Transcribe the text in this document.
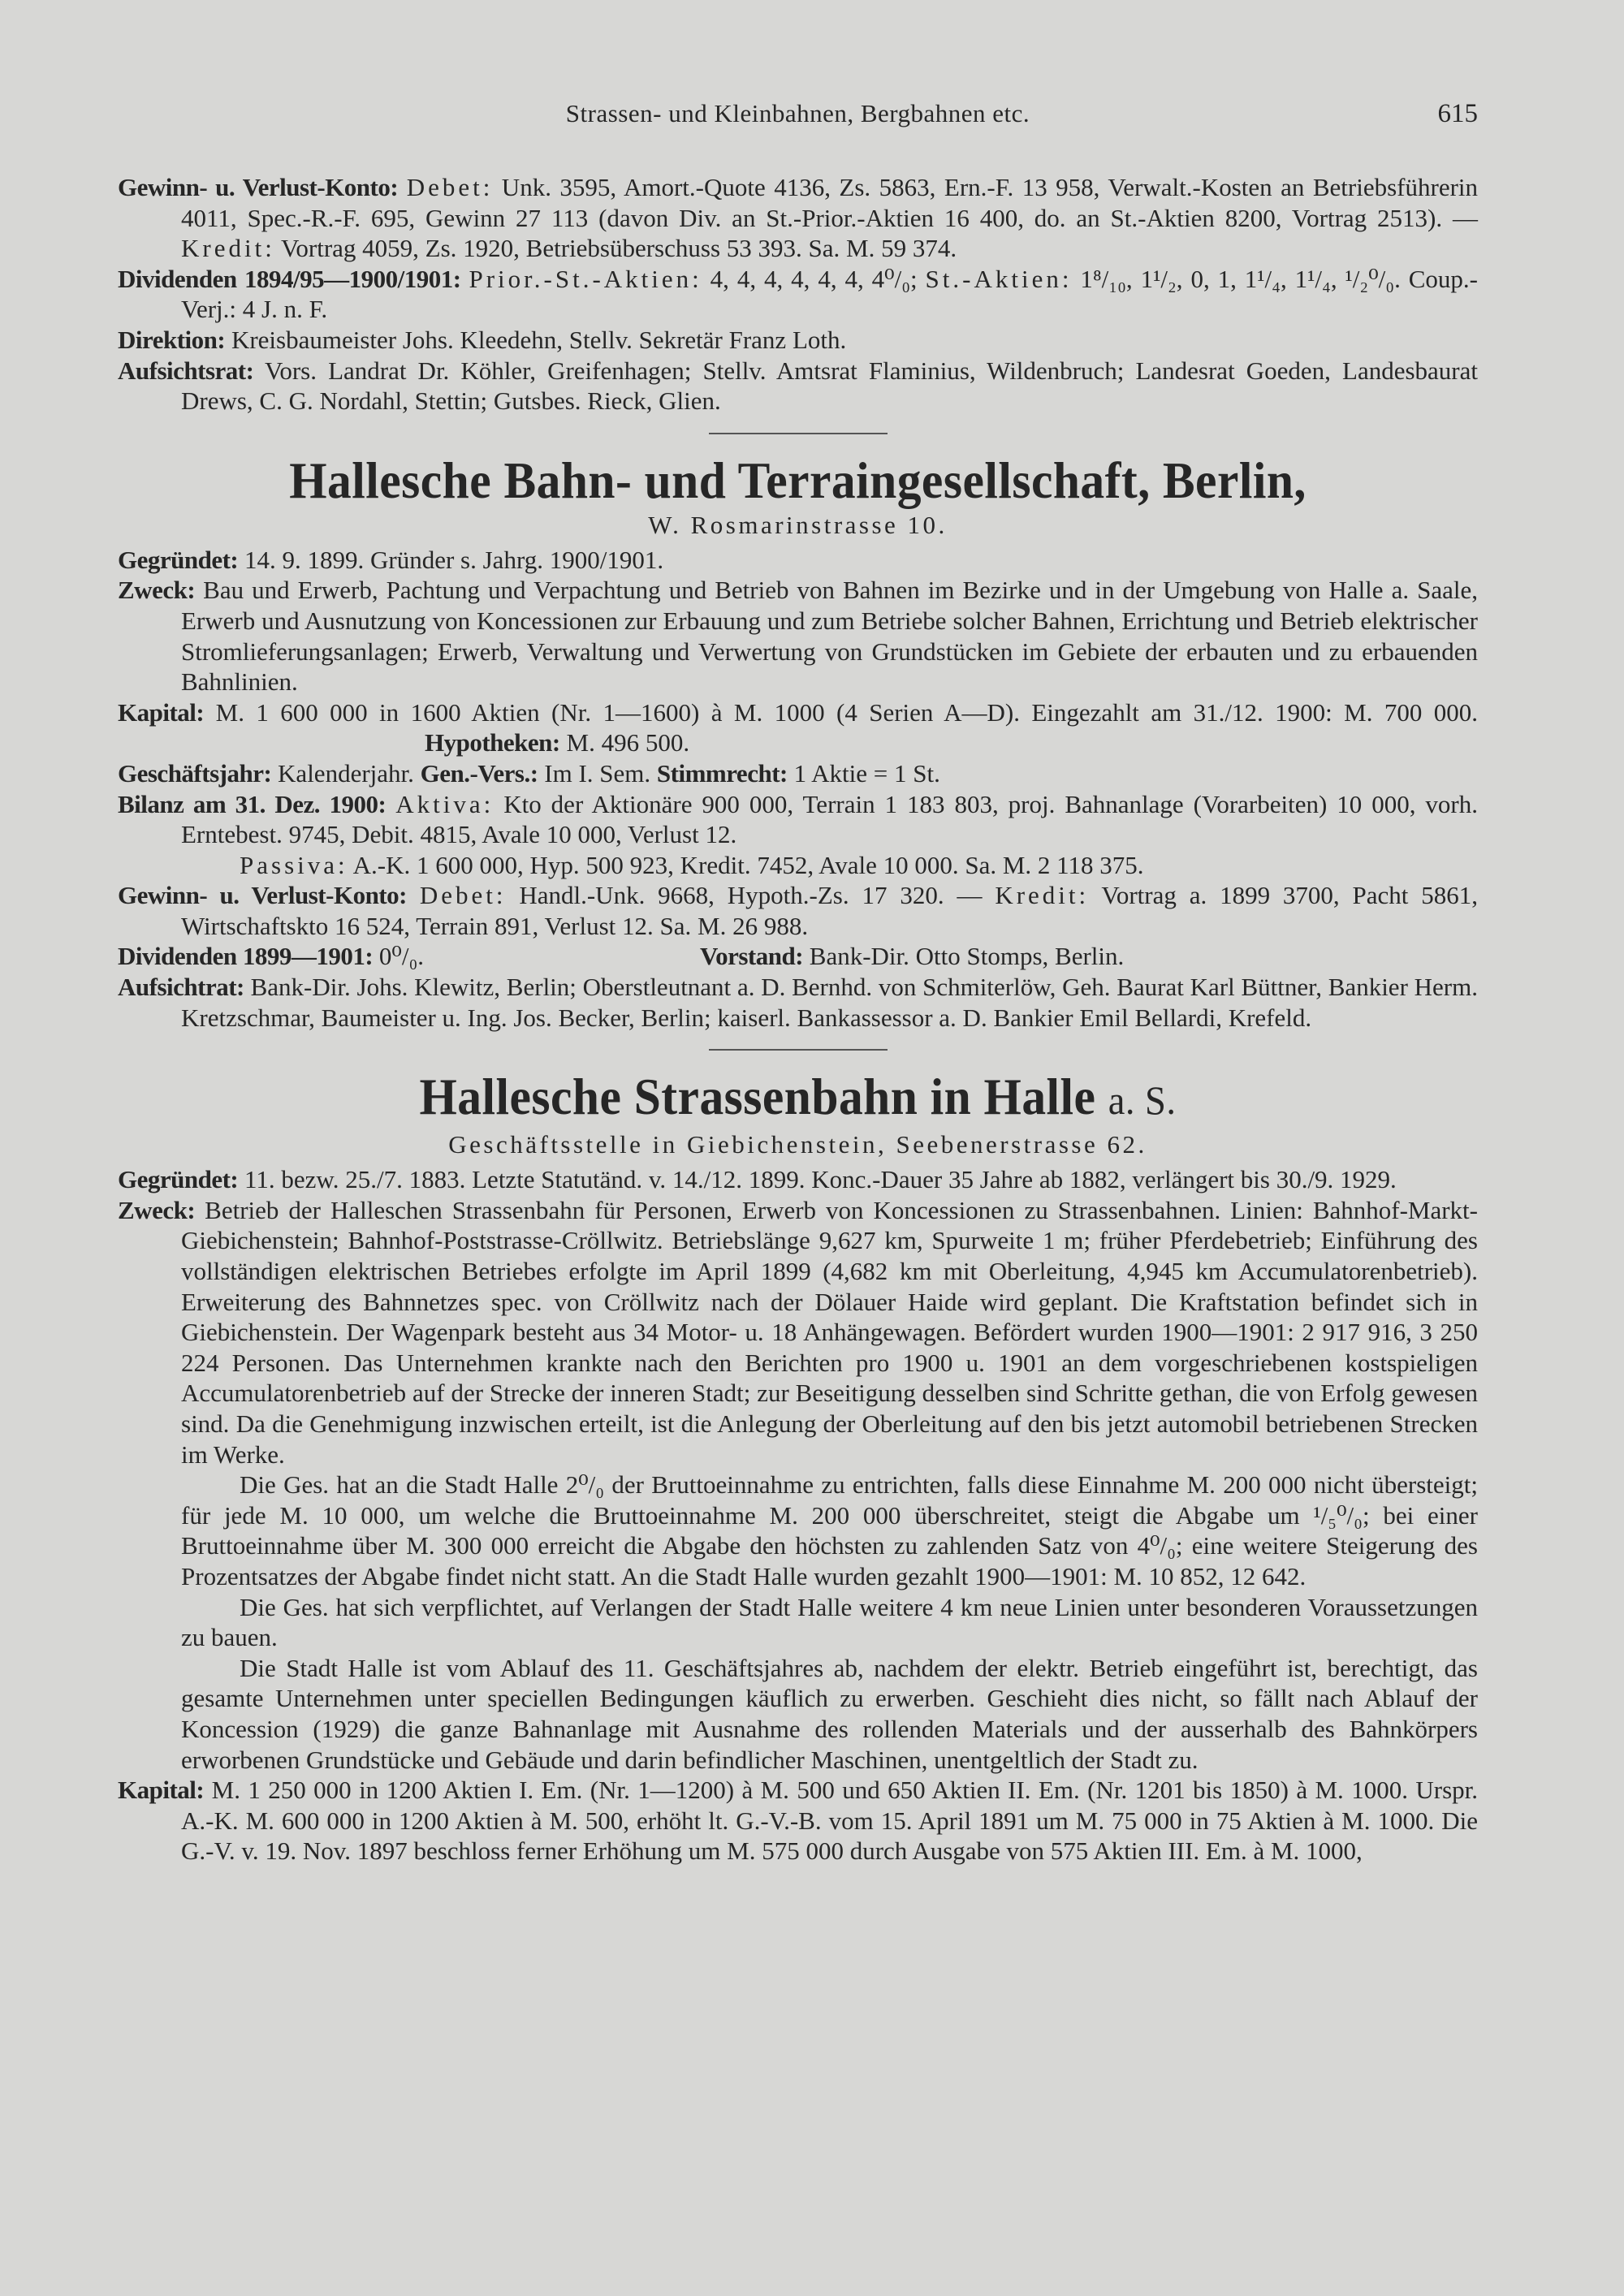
Strassen- und Kleinbahnen, Bergbahnen etc.	615

Gewinn- u. Verlust-Konto: Debet: Unk. 3595, Amort.-Quote 4136, Zs. 5863, Ern.-F. 13 958, Verwalt.-Kosten an Betriebsführerin 4011, Spec.-R.-F. 695, Gewinn 27 113 (davon Div. an St.-Prior.-Aktien 16 400, do. an St.-Aktien 8200, Vortrag 2513). — Kredit: Vortrag 4059, Zs. 1920, Betriebsüberschuss 53 393. Sa. M. 59 374.

Dividenden 1894/95—1900/1901: Prior.-St.-Aktien: 4, 4, 4, 4, 4, 4, 4⁰/₀; St.-Aktien: 1⁸/₁₀, 1¹/₂, 0, 1, 1¹/₄, 1¹/₄, ¹/₂⁰/₀. Coup.-Verj.: 4 J. n. F.

Direktion: Kreisbaumeister Johs. Kleedehn, Stellv. Sekretär Franz Loth.

Aufsichtsrat: Vors. Landrat Dr. Köhler, Greifenhagen; Stellv. Amtsrat Flaminius, Wildenbruch; Landesrat Goeden, Landesbaurat Drews, C. G. Nordahl, Stettin; Gutsbes. Rieck, Glien.

Hallesche Bahn- und Terraingesellschaft, Berlin,
W. Rosmarinstrasse 10.

Gegründet: 14. 9. 1899. Gründer s. Jahrg. 1900/1901.

Zweck: Bau und Erwerb, Pachtung und Verpachtung und Betrieb von Bahnen im Bezirke und in der Umgebung von Halle a. Saale, Erwerb und Ausnutzung von Koncessionen zur Erbauung und zum Betriebe solcher Bahnen, Errichtung und Betrieb elektrischer Stromlieferungsanlagen; Erwerb, Verwaltung und Verwertung von Grundstücken im Gebiete der erbauten und zu erbauenden Bahnlinien.

Kapital: M. 1 600 000 in 1600 Aktien (Nr. 1—1600) à M. 1000 (4 Serien A—D). Eingezahlt am 31./12. 1900: M. 700 000.Hypotheken: M. 496 500.

Geschäftsjahr: Kalenderjahr. Gen.-Vers.: Im I. Sem. Stimmrecht: 1 Aktie = 1 St.

Bilanz am 31. Dez. 1900: Aktiva: Kto der Aktionäre 900 000, Terrain 1 183 803, proj. Bahnanlage (Vorarbeiten) 10 000, vorh. Erntebest. 9745, Debit. 4815, Avale 10 000, Verlust 12.

Passiva: A.-K. 1 600 000, Hyp. 500 923, Kredit. 7452, Avale 10 000. Sa. M. 2 118 375.

Gewinn- u. Verlust-Konto: Debet: Handl.-Unk. 9668, Hypoth.-Zs. 17 320. — Kredit: Vortrag a. 1899 3700, Pacht 5861, Wirtschaftskto 16 524, Terrain 891, Verlust 12. Sa. M. 26 988.

Dividenden 1899—1901: 0⁰/₀.	Vorstand: Bank-Dir. Otto Stomps, Berlin.

Aufsichtrat: Bank-Dir. Johs. Klewitz, Berlin; Oberstleutnant a. D. Bernhd. von Schmiterlöw, Geh. Baurat Karl Büttner, Bankier Herm. Kretzschmar, Baumeister u. Ing. Jos. Becker, Berlin; kaiserl. Bankassessor a. D. Bankier Emil Bellardi, Krefeld.

Hallesche Strassenbahn in Halle a. S.
Geschäftsstelle in Giebichenstein, Seebenerstrasse 62.

Gegründet: 11. bezw. 25./7. 1883. Letzte Statutänd. v. 14./12. 1899. Konc.-Dauer 35 Jahre ab 1882, verlängert bis 30./9. 1929.

Zweck: Betrieb der Halleschen Strassenbahn für Personen, Erwerb von Koncessionen zu Strassenbahnen. Linien: Bahnhof-Markt-Giebichenstein; Bahnhof-Poststrasse-Cröllwitz. Betriebslänge 9,627 km, Spurweite 1 m; früher Pferdebetrieb; Einführung des vollständigen elektrischen Betriebes erfolgte im April 1899 (4,682 km mit Oberleitung, 4,945 km Accumulatorenbetrieb). Erweiterung des Bahnnetzes spec. von Cröllwitz nach der Dölauer Haide wird geplant. Die Kraftstation befindet sich in Giebichenstein. Der Wagenpark besteht aus 34 Motor- u. 18 Anhängewagen. Befördert wurden 1900—1901: 2 917 916, 3 250 224 Personen. Das Unternehmen krankte nach den Berichten pro 1900 u. 1901 an dem vorgeschriebenen kostspieligen Accumulatorenbetrieb auf der Strecke der inneren Stadt; zur Beseitigung desselben sind Schritte gethan, die von Erfolg gewesen sind. Da die Genehmigung inzwischen erteilt, ist die Anlegung der Oberleitung auf den bis jetzt automobil betriebenen Strecken im Werke.

Die Ges. hat an die Stadt Halle 2⁰/₀ der Bruttoeinnahme zu entrichten, falls diese Einnahme M. 200 000 nicht übersteigt; für jede M. 10 000, um welche die Bruttoeinnahme M. 200 000 überschreitet, steigt die Abgabe um ¹/₅⁰/₀; bei einer Bruttoeinnahme über M. 300 000 erreicht die Abgabe den höchsten zu zahlenden Satz von 4⁰/₀; eine weitere Steigerung des Prozentsatzes der Abgabe findet nicht statt. An die Stadt Halle wurden gezahlt 1900—1901: M. 10 852, 12 642.

Die Ges. hat sich verpflichtet, auf Verlangen der Stadt Halle weitere 4 km neue Linien unter besonderen Voraussetzungen zu bauen.

Die Stadt Halle ist vom Ablauf des 11. Geschäftsjahres ab, nachdem der elektr. Betrieb eingeführt ist, berechtigt, das gesamte Unternehmen unter speciellen Bedingungen käuflich zu erwerben. Geschieht dies nicht, so fällt nach Ablauf der Koncession (1929) die ganze Bahnanlage mit Ausnahme des rollenden Materials und der ausserhalb des Bahnkörpers erworbenen Grundstücke und Gebäude und darin befindlicher Maschinen, unentgeltlich der Stadt zu.

Kapital: M. 1 250 000 in 1200 Aktien I. Em. (Nr. 1—1200) à M. 500 und 650 Aktien II. Em. (Nr. 1201 bis 1850) à M. 1000. Urspr. A.-K. M. 600 000 in 1200 Aktien à M. 500, erhöht lt. G.-V.-B. vom 15. April 1891 um M. 75 000 in 75 Aktien à M. 1000. Die G.-V. v. 19. Nov. 1897 beschloss ferner Erhöhung um M. 575 000 durch Ausgabe von 575 Aktien III. Em. à M. 1000,
